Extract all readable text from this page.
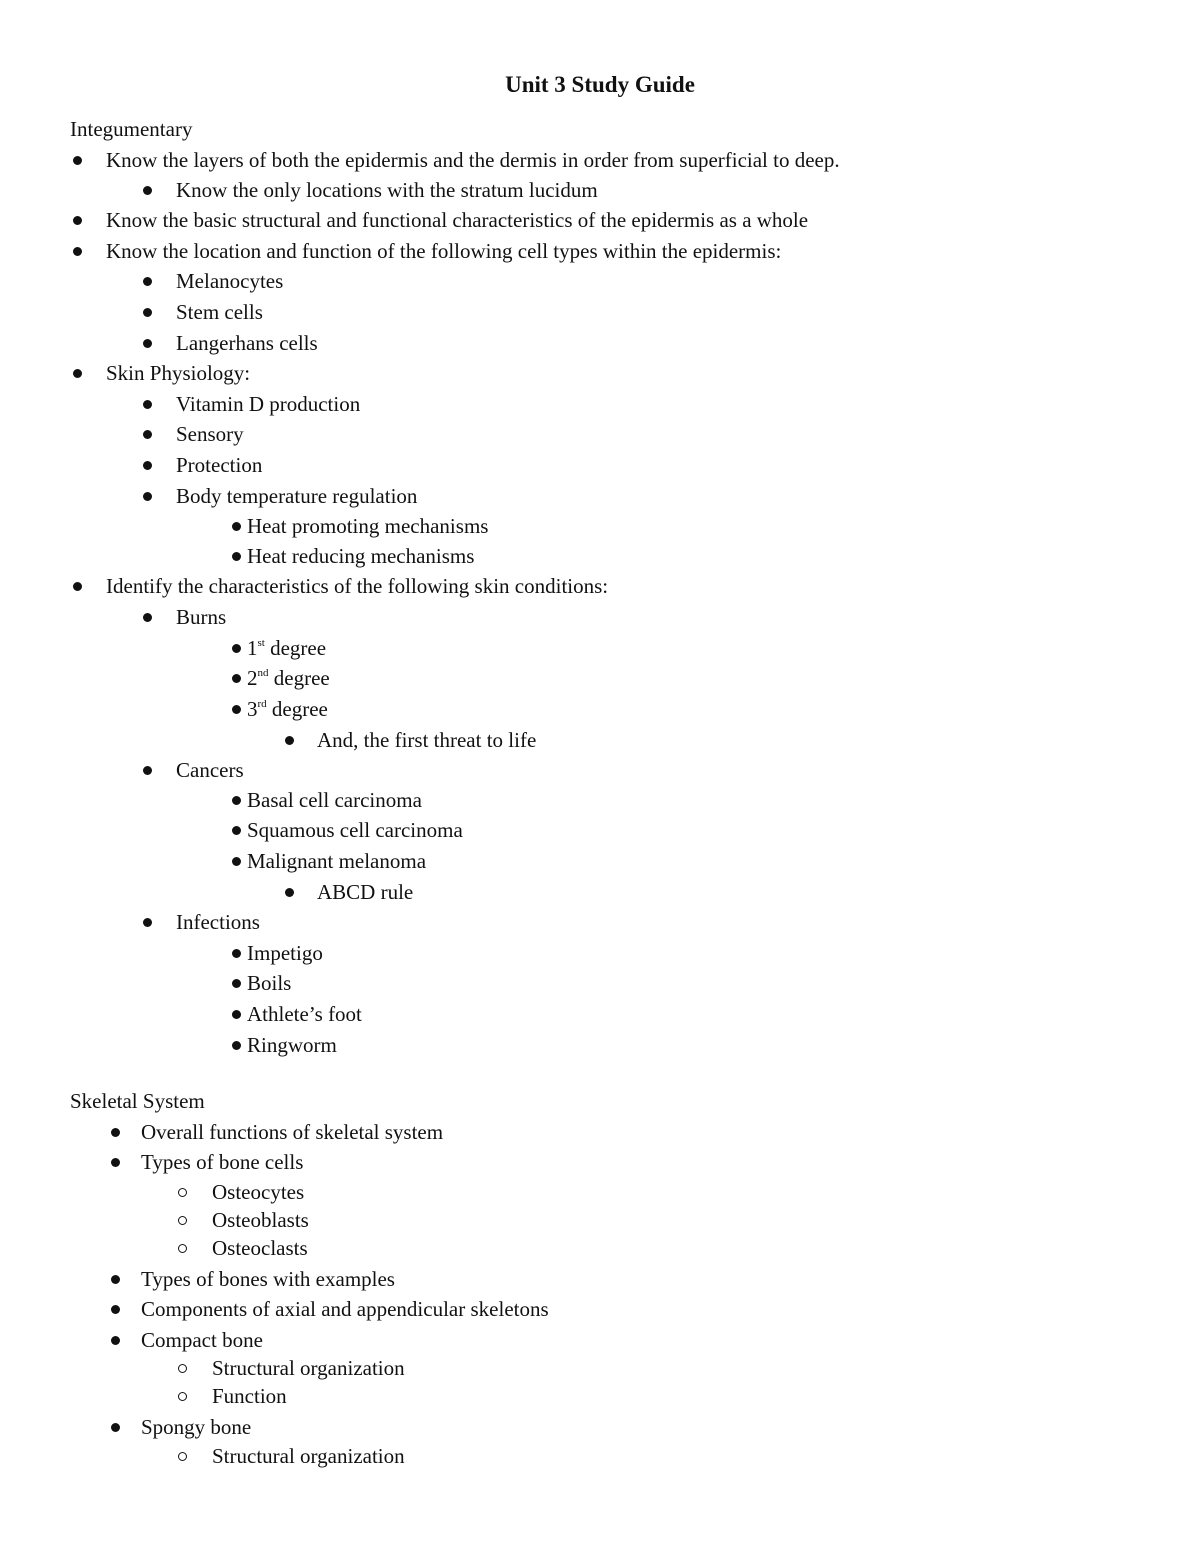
Unit 3 Study Guide
Integumentary
Know the layers of both the epidermis and the dermis in order from superficial to deep.
Know the only locations with the stratum lucidum
Know the basic structural and functional characteristics of the epidermis as a whole
Know the location and function of the following cell types within the epidermis:
Melanocytes
Stem cells
Langerhans cells
Skin Physiology:
Vitamin D production
Sensory
Protection
Body temperature regulation
Heat promoting mechanisms
Heat reducing mechanisms
Identify the characteristics of the following skin conditions:
Burns
1st degree
2nd degree
3rd degree
And, the first threat to life
Cancers
Basal cell carcinoma
Squamous cell carcinoma
Malignant melanoma
ABCD rule
Infections
Impetigo
Boils
Athlete’s foot
Ringworm
Skeletal System
Overall functions of skeletal system
Types of bone cells
Osteocytes
Osteoblasts
Osteoclasts
Types of bones with examples
Components of axial and appendicular skeletons
Compact bone
Structural organization
Function
Spongy bone
Structural organization
